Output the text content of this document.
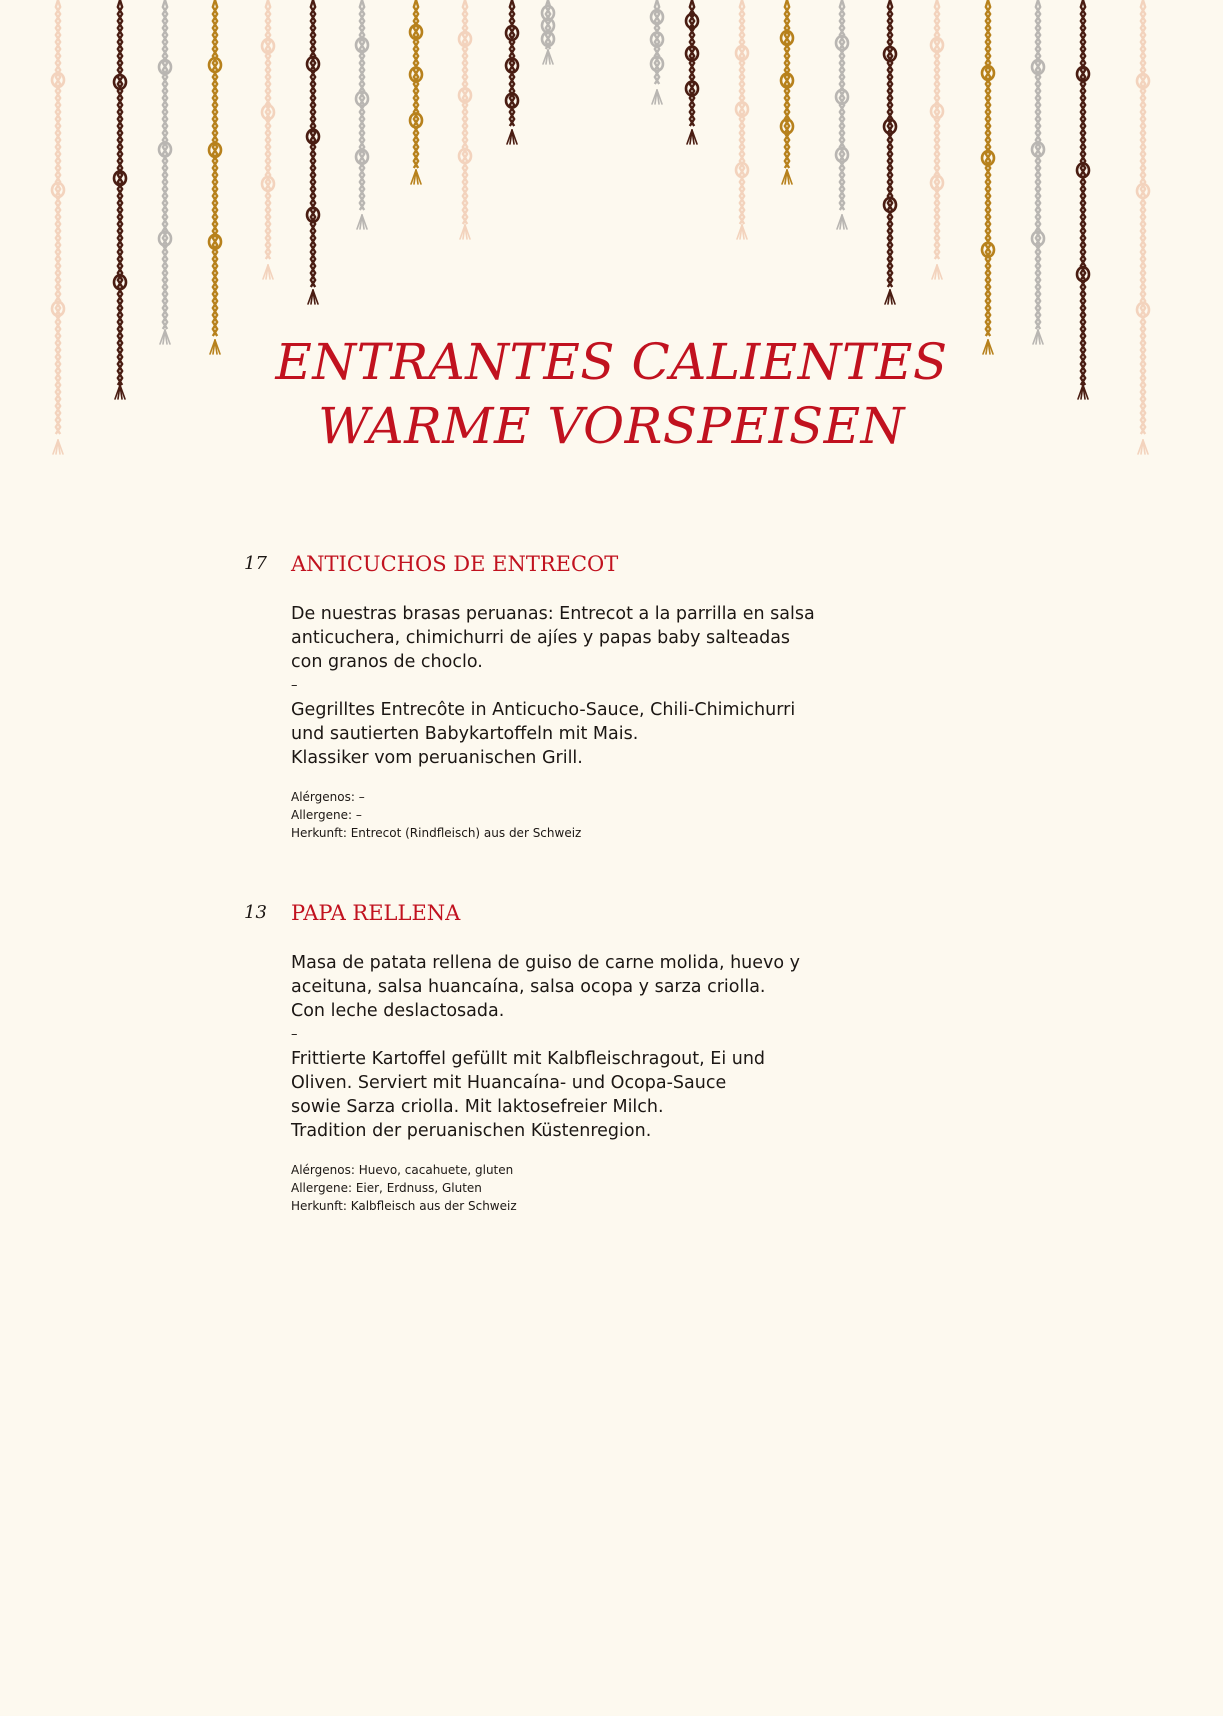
ENTRANTES CALIENTES
WARME VORSPEISEN
17	ANTICUCHOS DE ENTRECOT

De nuestras brasas peruanas: Entrecot a la parrilla en salsa
anticuchera, chimichurri de ajíes y papas baby salteadas
con granos de choclo.
–
Gegrilltes Entrecôte in Anticucho-Sauce, Chili-Chimichurri
und sautierten Babykartoffeln mit Mais.
Klassiker vom peruanischen Grill.

Alérgenos: –
Allergene: –
Herkunft: Entrecot (Rindfleisch) aus der Schweiz

13	PAPA RELLENA

Masa de patata rellena de guiso de carne molida, huevo y
aceituna, salsa huancaína, salsa ocopa y sarza criolla.
Con leche deslactosada.
–
Frittierte Kartoffel gefüllt mit Kalbfleischragout, Ei und
Oliven. Serviert mit Huancaína- und Ocopa-Sauce
sowie Sarza criolla. Mit laktosefreier Milch.
Tradition der peruanischen Küstenregion.

Alérgenos: Huevo, cacahuete, gluten
Allergene: Eier, Erdnuss, Gluten
Herkunft: Kalbfleisch aus der Schweiz
